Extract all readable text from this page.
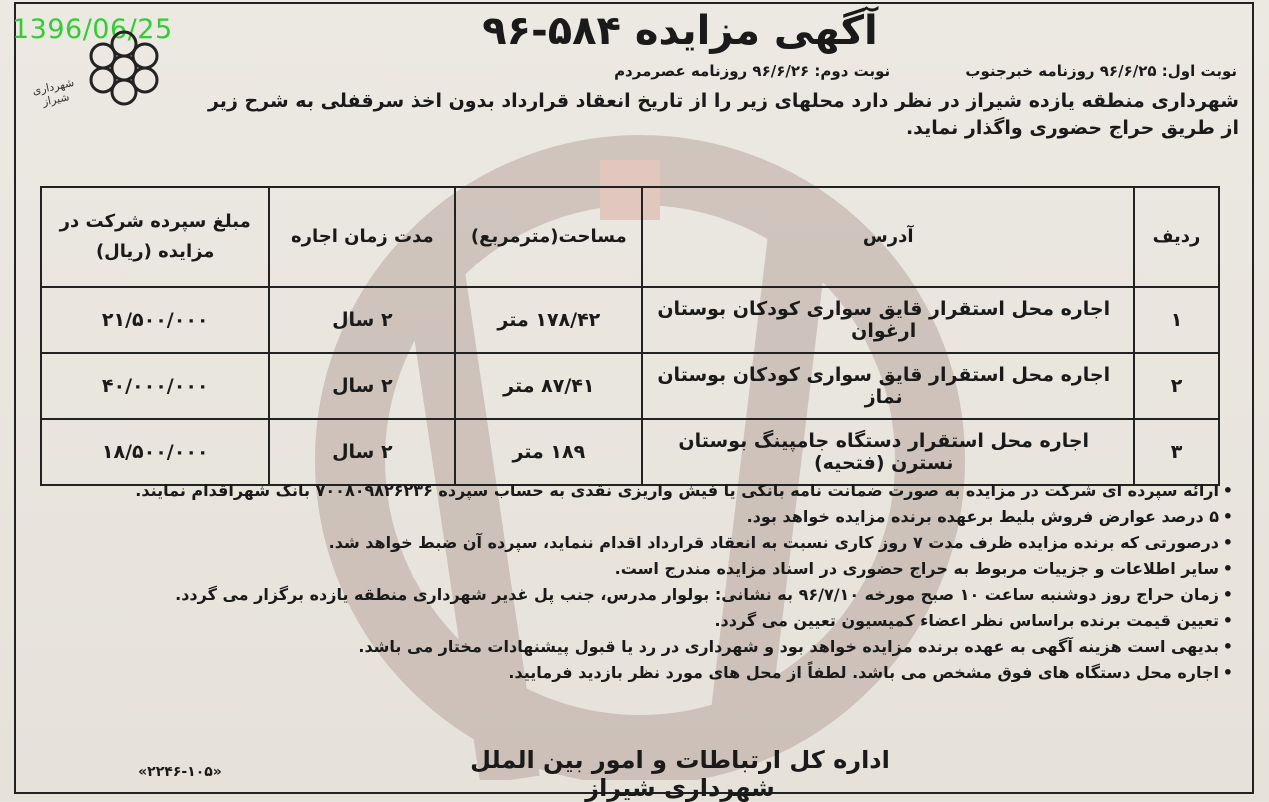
1396/06/25
شهرداری شیراز
آگهی مزایده ۵۸۴-۹۶
نوبت اول: ۹۶/۶/۲۵ روزنامه خبرجنوب نوبت دوم: ۹۶/۶/۲۶ روزنامه عصرمردم
شهرداری منطقه یازده شیراز در نظر دارد محلهای زیر را از تاریخ انعقاد قرارداد بدون اخذ سرقفلی به شرح زیر
از طریق حراج حضوری واگذار نماید.
ردیف	آدرس	مساحت(مترمربع)	مدت زمان اجاره	مبلغ سپرده شرکت در مزایده (ریال)
۱	اجاره محل استقرار قایق سواری کودکان بوستان ارغوان	۱۷۸/۴۲ متر	۲ سال	۲۱/۵۰۰/۰۰۰
۲	اجاره محل استقرار قایق سواری کودکان بوستان نماز	۸۷/۴۱ متر	۲ سال	۴۰/۰۰۰/۰۰۰
۳	اجاره محل استقرار دستگاه جامپینگ بوستان نسترن (فتحیه)	۱۸۹ متر	۲ سال	۱۸/۵۰۰/۰۰۰
•ارائه سپرده ای شرکت در مزایده به صورت ضمانت نامه بانکی یا فیش واریزی نقدی به حساب سپرده ۷۰۰۸۰۹۸۲۶۲۳۶ بانک شهراقدام نمایند.
•۵ درصد عوارض فروش بلیط برعهده برنده مزایده خواهد بود.
•درصورتی که برنده مزایده ظرف مدت ۷ روز کاری نسبت به انعقاد قرارداد اقدام ننماید، سپرده آن ضبط خواهد شد.
•سایر اطلاعات و جزییات مربوط به حراج حضوری در اسناد مزایده مندرج است.
•زمان حراج روز دوشنبه ساعت ۱۰ صبح مورخه ۹۶/۷/۱۰ به نشانی: بولوار مدرس، جنب پل غدیر شهرداری منطقه یازده برگزار می گردد.
•تعیین قیمت برنده براساس نظر اعضاء کمیسیون تعیین می گردد.
•بدیهی است هزینه آگهی به عهده برنده مزایده خواهد بود و شهرداری در رد یا قبول پیشنهادات مختار می باشد.
•اجاره محل دستگاه های فوق مشخص می باشد. لطفاً از محل های مورد نظر بازدید فرمایید.
اداره کل ارتباطات و امور بین الملل شهرداری شیراز
«۲۲۴۶-۱۰۵»
